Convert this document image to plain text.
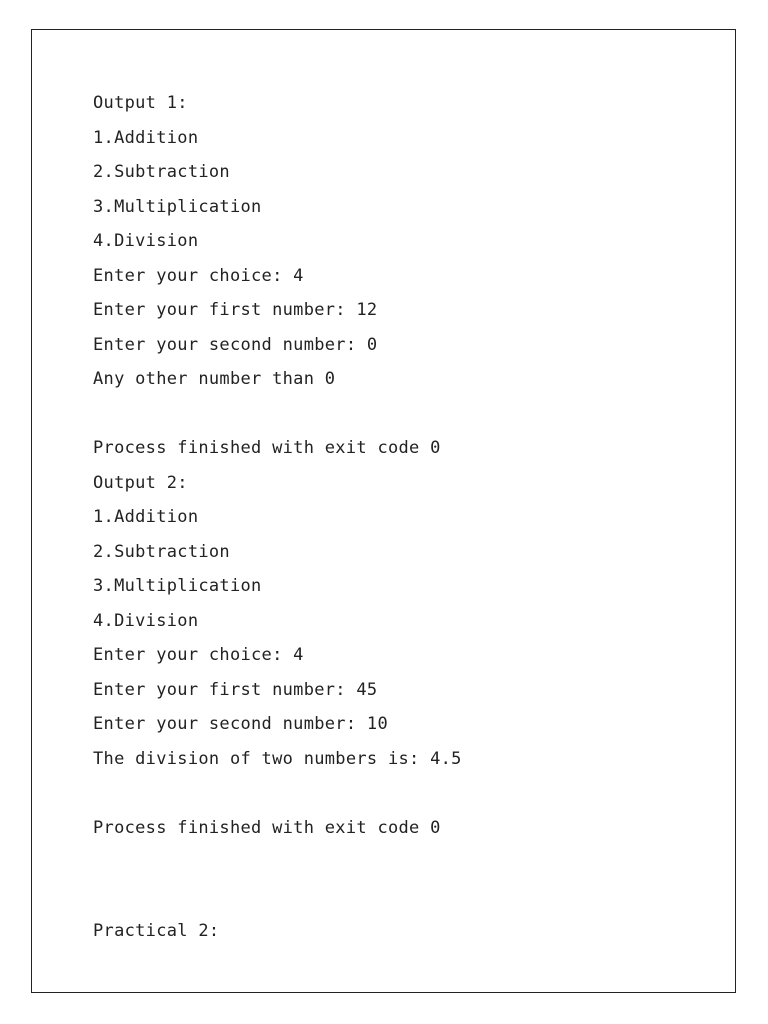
Output 1:
1.Addition
2.Subtraction
3.Multiplication
4.Division
Enter your choice: 4
Enter your first number: 12
Enter your second number: 0
Any other number than 0
Process finished with exit code 0
Output 2:
1.Addition
2.Subtraction
3.Multiplication
4.Division
Enter your choice: 4
Enter your first number: 45
Enter your second number: 10
The division of two numbers is: 4.5
Process finished with exit code 0
Practical 2:
